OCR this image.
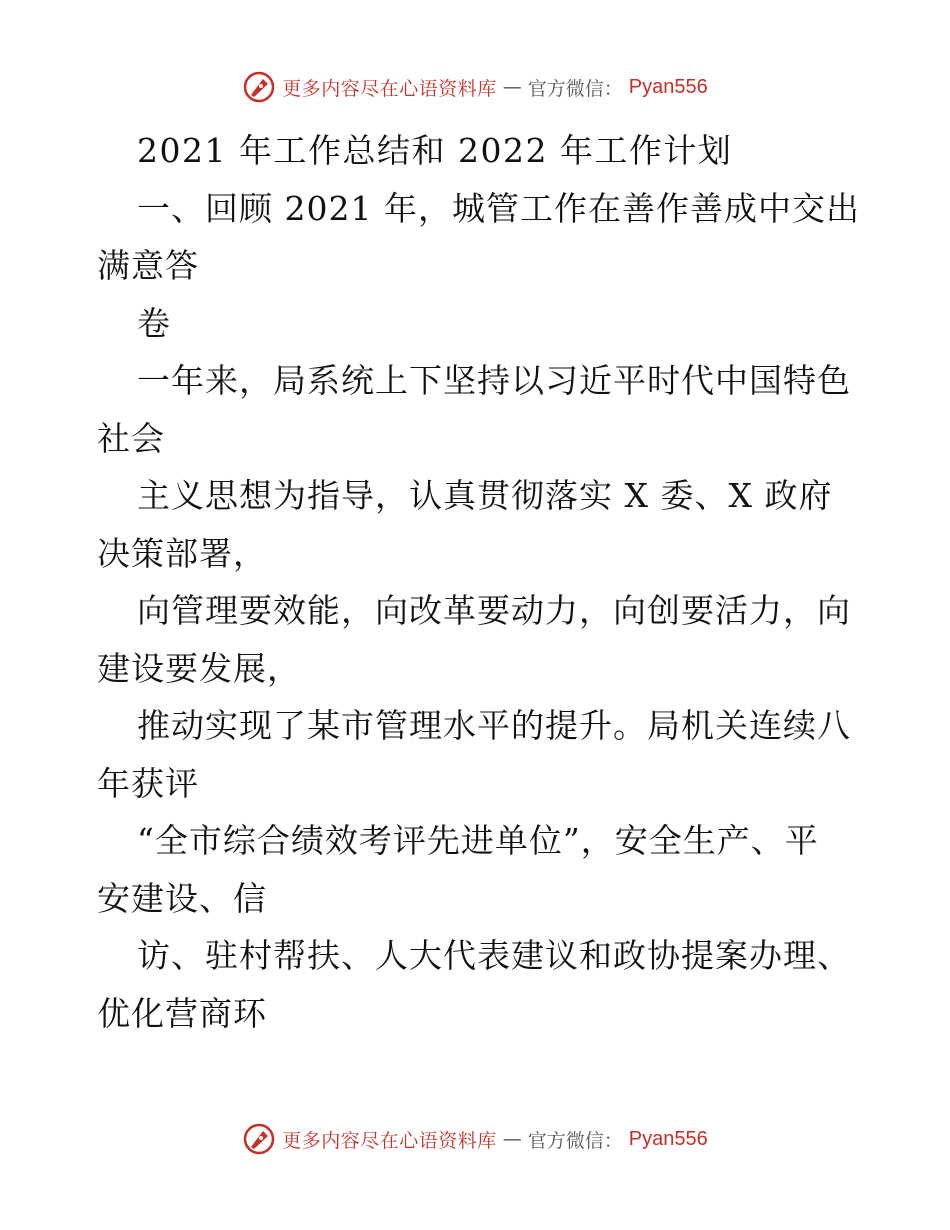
更多内容尽在心语资料库 — 官方微信： Pyan556
2021 年工作总结和 2022 年工作计划
一、回顾 2021 年，城管工作在善作善成中交出
满意答
卷
一年来，局系统上下坚持以习近平时代中国特色
社会
主义思想为指导，认真贯彻落实 X 委、X 政府
决策部署，
向管理要效能，向改革要动力，向创要活力，向
建设要发展，
推动实现了某市管理水平的提升。局机关连续八
年获评
“全市综合绩效考评先进单位”，安全生产、平
安建设、信
访、驻村帮扶、人大代表建议和政协提案办理、
优化营商环
更多内容尽在心语资料库 — 官方微信： Pyan556
